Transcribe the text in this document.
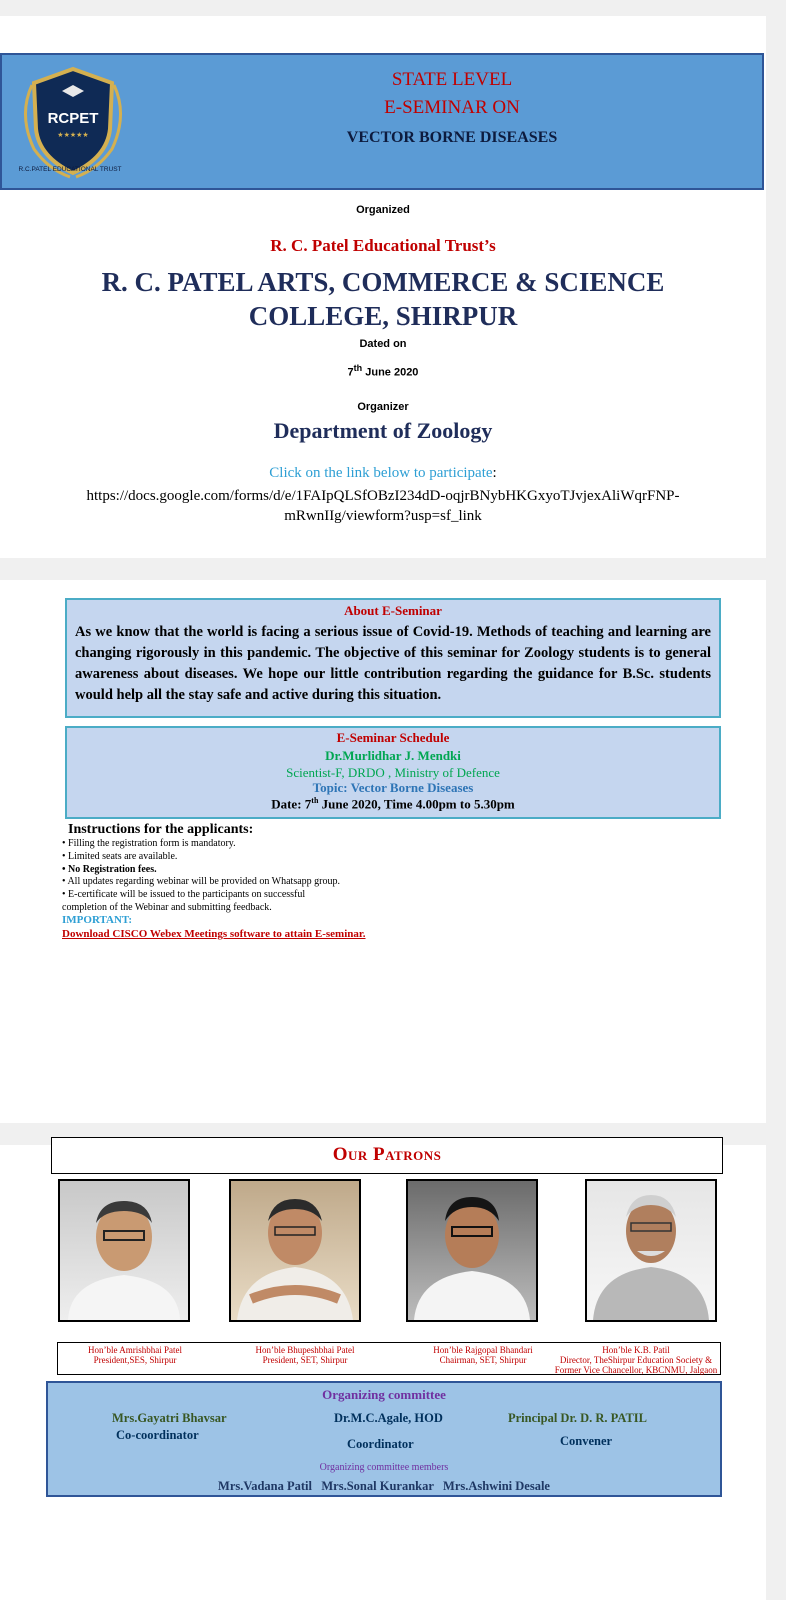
RCPET
★★★★★
R.C.PATEL EDUCATIONAL TRUST
STATE LEVEL
E-SEMINAR ON
VECTOR BORNE DISEASES
Organized
R. C. Patel Educational Trust’s
R. C. PATEL ARTS, COMMERCE & SCIENCE
COLLEGE, SHIRPUR
Dated on
7th June 2020
Organizer
Department of Zoology
Click on the link below to participate:
https://docs.google.com/forms/d/e/1FAIpQLSfOBzI234dD-oqjrBNybHKGxyoTJvjexAliWqrFNP-
mRwnIIg/viewform?usp=sf_link
About E-Seminar
As we know that the world is facing a serious issue of Covid-19. Methods of teaching and learning are changing rigorously in this pandemic. The objective of this seminar for Zoology students is to general awareness about diseases. We hope our little contribution regarding the guidance for B.Sc. students would help all the stay safe and active during this situation.
E-Seminar Schedule
Dr.Murlidhar J. Mendki
Scientist-F, DRDO , Ministry of Defence
Topic: Vector Borne Diseases
Date: 7th June 2020, Time 4.00pm to 5.30pm
Instructions for the applicants:
• Filling the registration form is mandatory.
• Limited seats are available.
• No Registration fees.
• All updates regarding webinar will be provided on Whatsapp group.
• E-certificate will be issued to the participants on successful
completion of the Webinar and submitting feedback.
IMPORTANT:
Download CISCO Webex Meetings software to attain E-seminar.
Our Patrons
Hon’ble Amrishbhai Patel
President,SES, Shirpur
Hon’ble Bhupeshbhai Patel
President, SET, Shirpur
Hon’ble Rajgopal Bhandari
Chairman, SET, Shirpur
Hon’ble K.B. Patil
Director, TheShirpur Education Society &
Former Vice Chancellor, KBCNMU, Jalgaon
Organizing committee
Mrs.Gayatri Bhavsar
Co-coordinator
Dr.M.C.Agale, HOD
Coordinator
Principal Dr. D. R. PATIL
Convener
Organizing committee members
Mrs.Vadana Patil   Mrs.Sonal Kurankar   Mrs.Ashwini Desale
